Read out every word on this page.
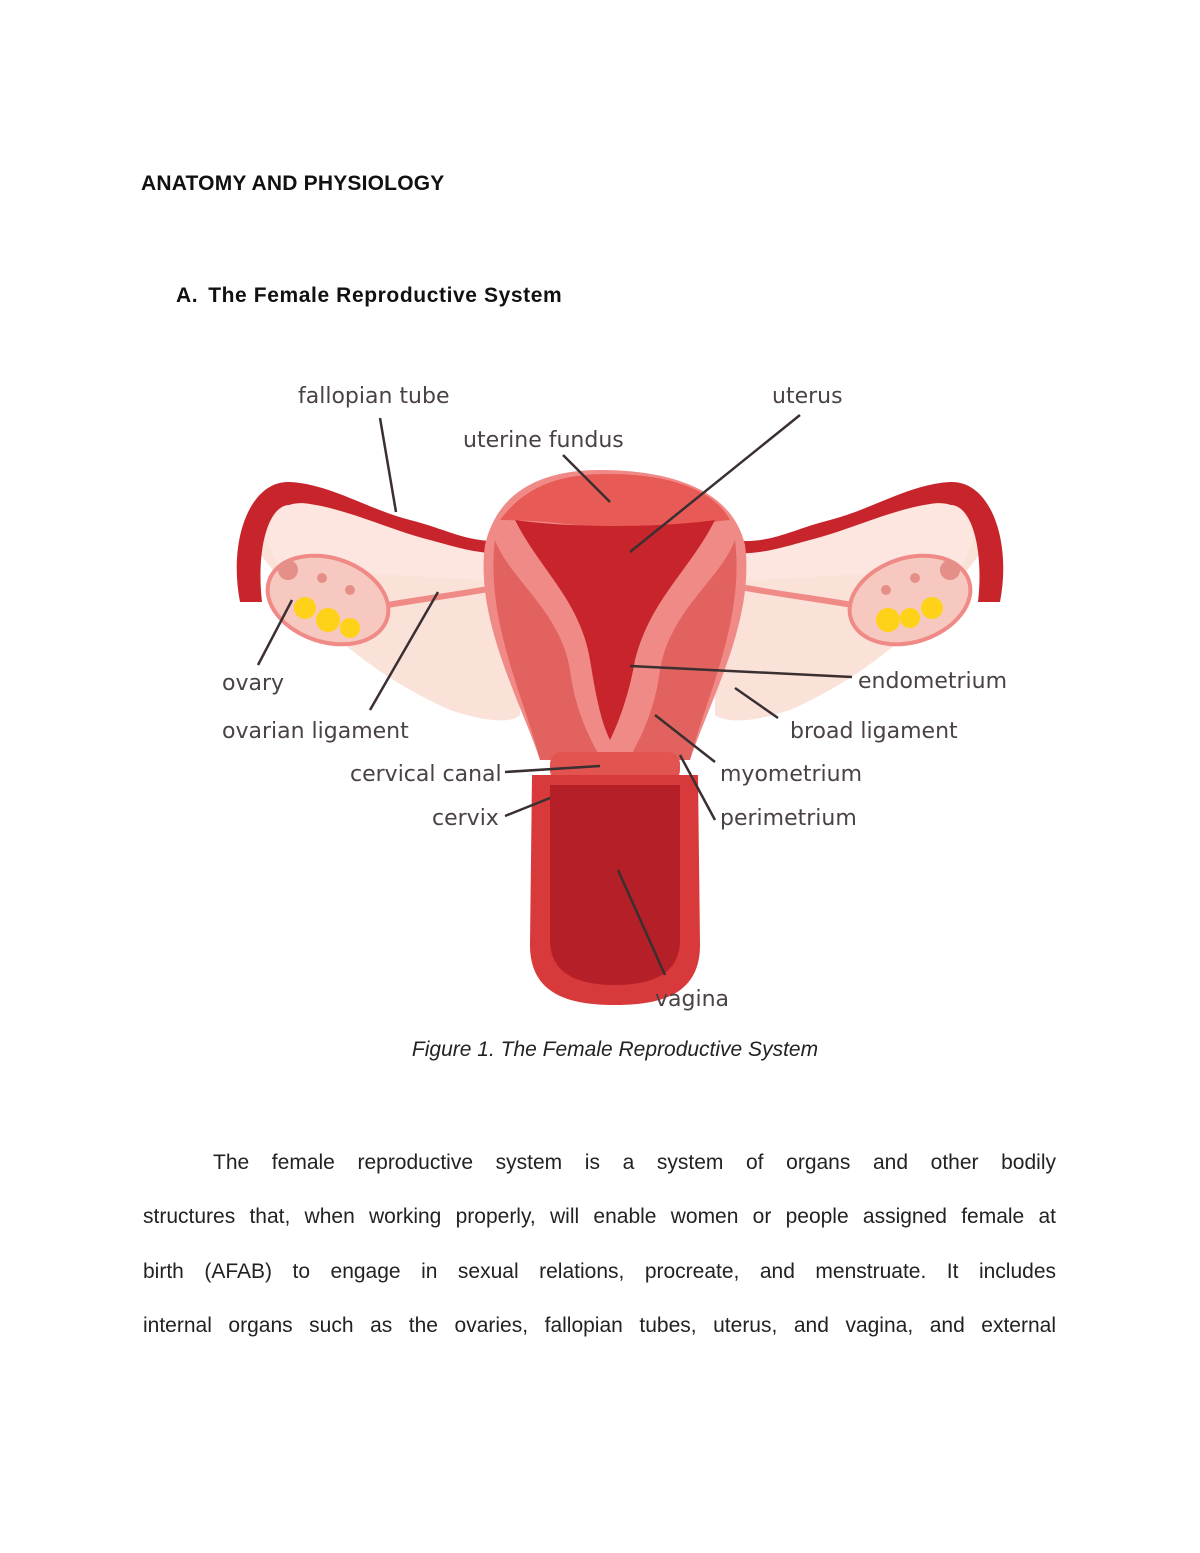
ANATOMY AND PHYSIOLOGY
A. The Female Reproductive System
fallopian tube	uterus
uterine fundus
ovary	endometrium
ovarian ligament	broad ligament
cervical canal	myometrium
cervix	perimetrium
vagina
Figure 1. The Female Reproductive System
The female reproductive system is a system of organs and other bodily
structures that, when working properly, will enable women or people assigned female at
birth (AFAB) to engage in sexual relations, procreate, and menstruate. It includes
internal organs such as the ovaries, fallopian tubes, uterus, and vagina, and external
